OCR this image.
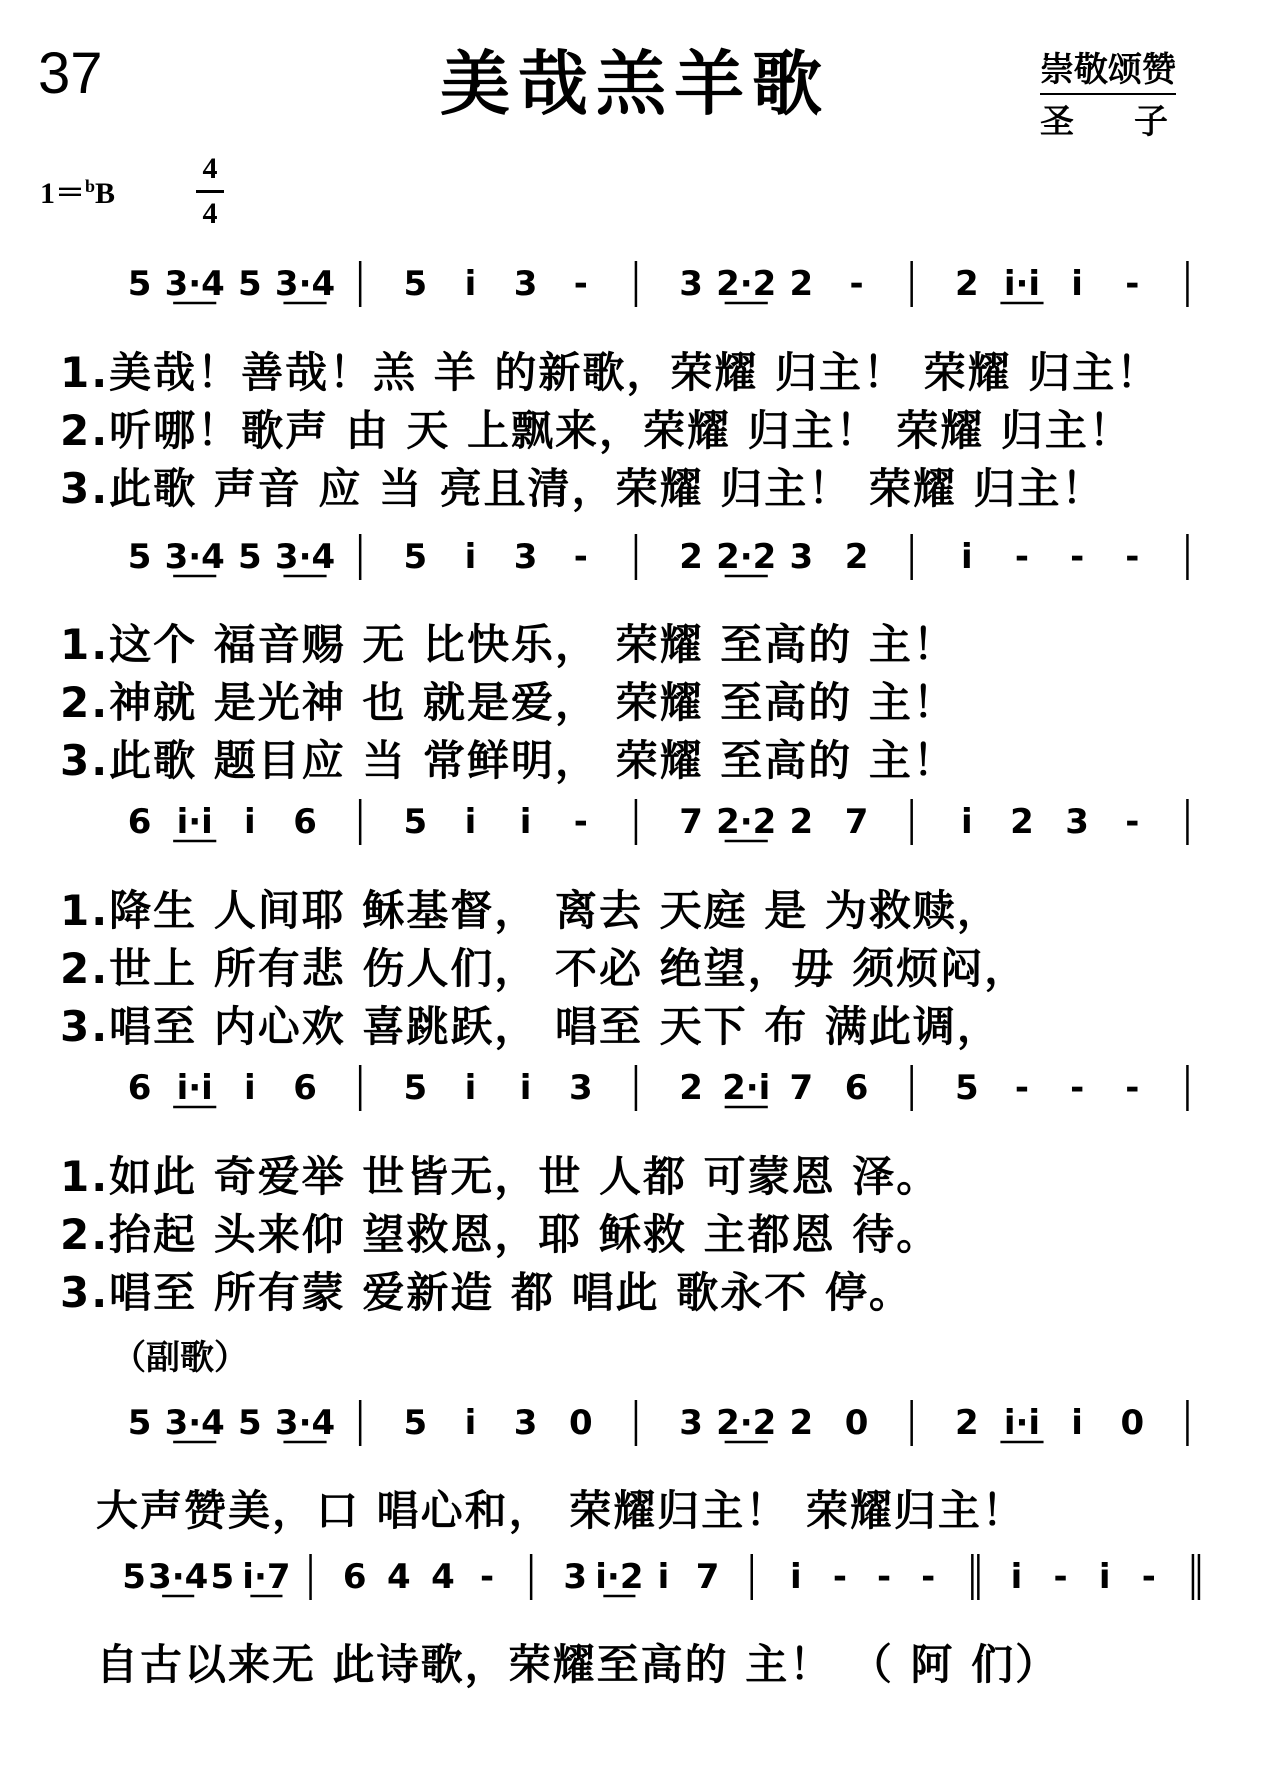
37	美哉羔羊歌	崇敬颂赞
圣子
1＝$^b$B
4
4
5 3·4 5 3·4 5 i 3 -	3 2·2 2 -	2 i·i i -
5 3·4 5 3·4 5 i 3 -	2 2·2 3 2	i - - -
6 i·i i 6	5 i i -	7 2·2 2 7	i 2 3 -
6 i·i i 6	5 i i 3	2 2·i 7 6	5 - - -
5 3·4 5 3·4 5 i 3 0	3 2·2 2 0	2 i·i i 0
5 3·4 5 i·7 6 4 4 - 3 i·2 i 7 i - - - i - i -
1.美哉！善哉！羔 羊 的新歌，荣耀 归主！ 荣耀 归主！
2.听哪！歌声 由 天 上飘来，荣耀 归主！ 荣耀 归主！
3.此歌 声音 应 当 亮且清，荣耀 归主！ 荣耀 归主！
1.这个 福音赐 无 比快乐， 荣耀 至高的 主！
2.神就 是光神 也 就是爱， 荣耀 至高的 主！
3.此歌 题目应 当 常鲜明， 荣耀 至高的 主！
1.降生 人间耶 稣基督， 离去 天庭 是 为救赎，
2.世上 所有悲 伤人们， 不必 绝望，毋 须烦闷，
3.唱至 内心欢 喜跳跃， 唱至 天下 布 满此调，
1.如此 奇爱举 世皆无，世 人都 可蒙恩 泽。
2.抬起 头来仰 望救恩，耶 稣救 主都恩 待。
3.唱至 所有蒙 爱新造 都 唱此 歌永不 停。
（副歌）
大声赞美，口 唱心和， 荣耀归主！ 荣耀归主！
自古以来无 此诗歌，荣耀至高的 主！ （ 阿 们）
